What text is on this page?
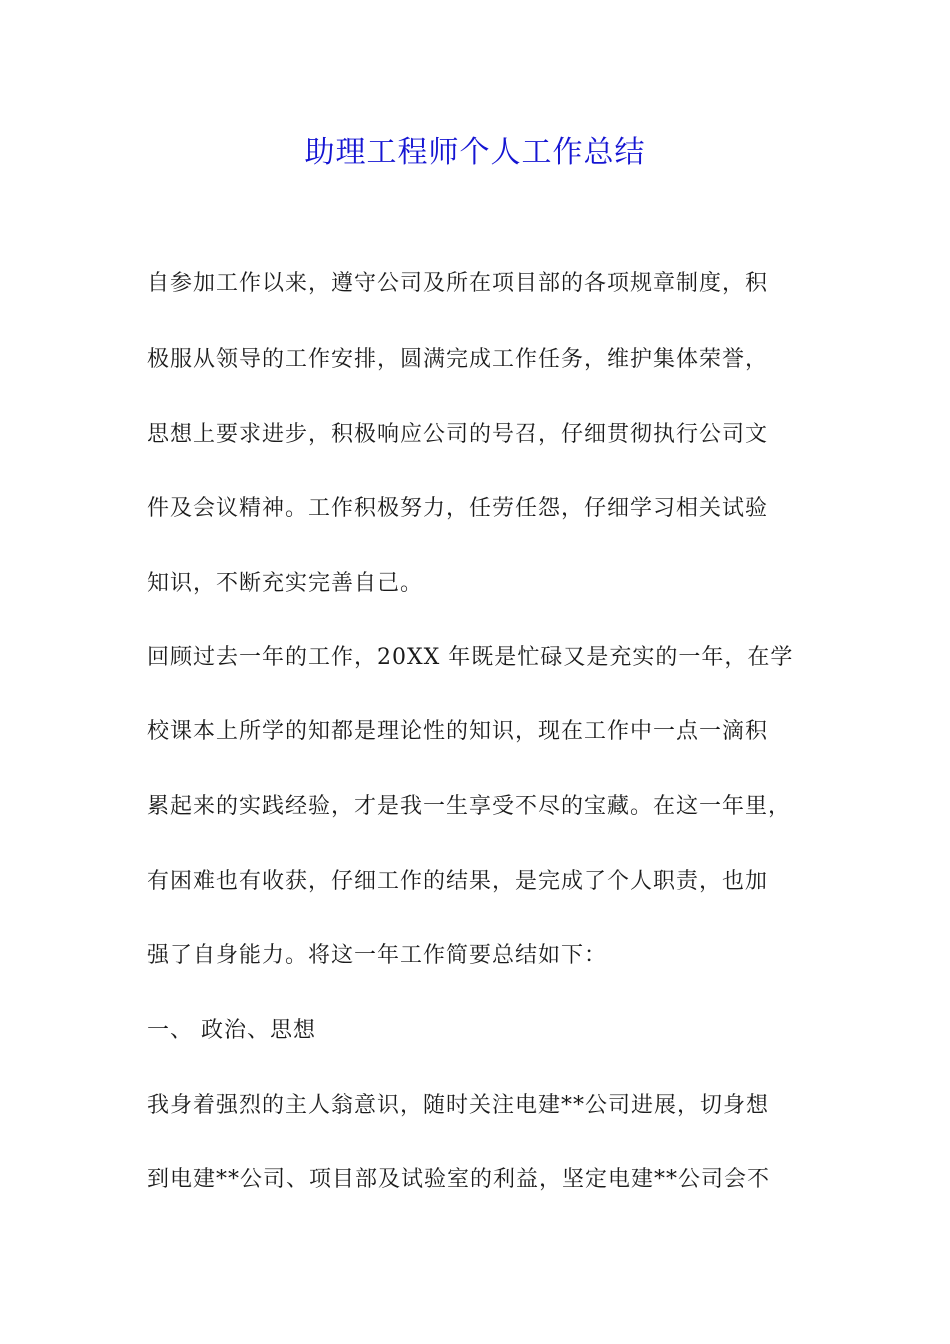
助理工程师个人工作总结
自参加工作以来，遵守公司及所在项目部的各项规章制度，积
极服从领导的工作安排，圆满完成工作任务，维护集体荣誉，
思想上要求进步，积极响应公司的号召，仔细贯彻执行公司文
件及会议精神。工作积极努力，任劳任怨，仔细学习相关试验
知识，不断充实完善自己。
回顾过去一年的工作，20XX 年既是忙碌又是充实的一年，在学
校课本上所学的知都是理论性的知识，现在工作中一点一滴积
累起来的实践经验，才是我一生享受不尽的宝藏。在这一年里，
有困难也有收获，仔细工作的结果，是完成了个人职责，也加
强了自身能力。将这一年工作简要总结如下：
一、 政治、思想
我身着强烈的主人翁意识，随时关注电建**公司进展，切身想
到电建**公司、项目部及试验室的利益，坚定电建**公司会不
